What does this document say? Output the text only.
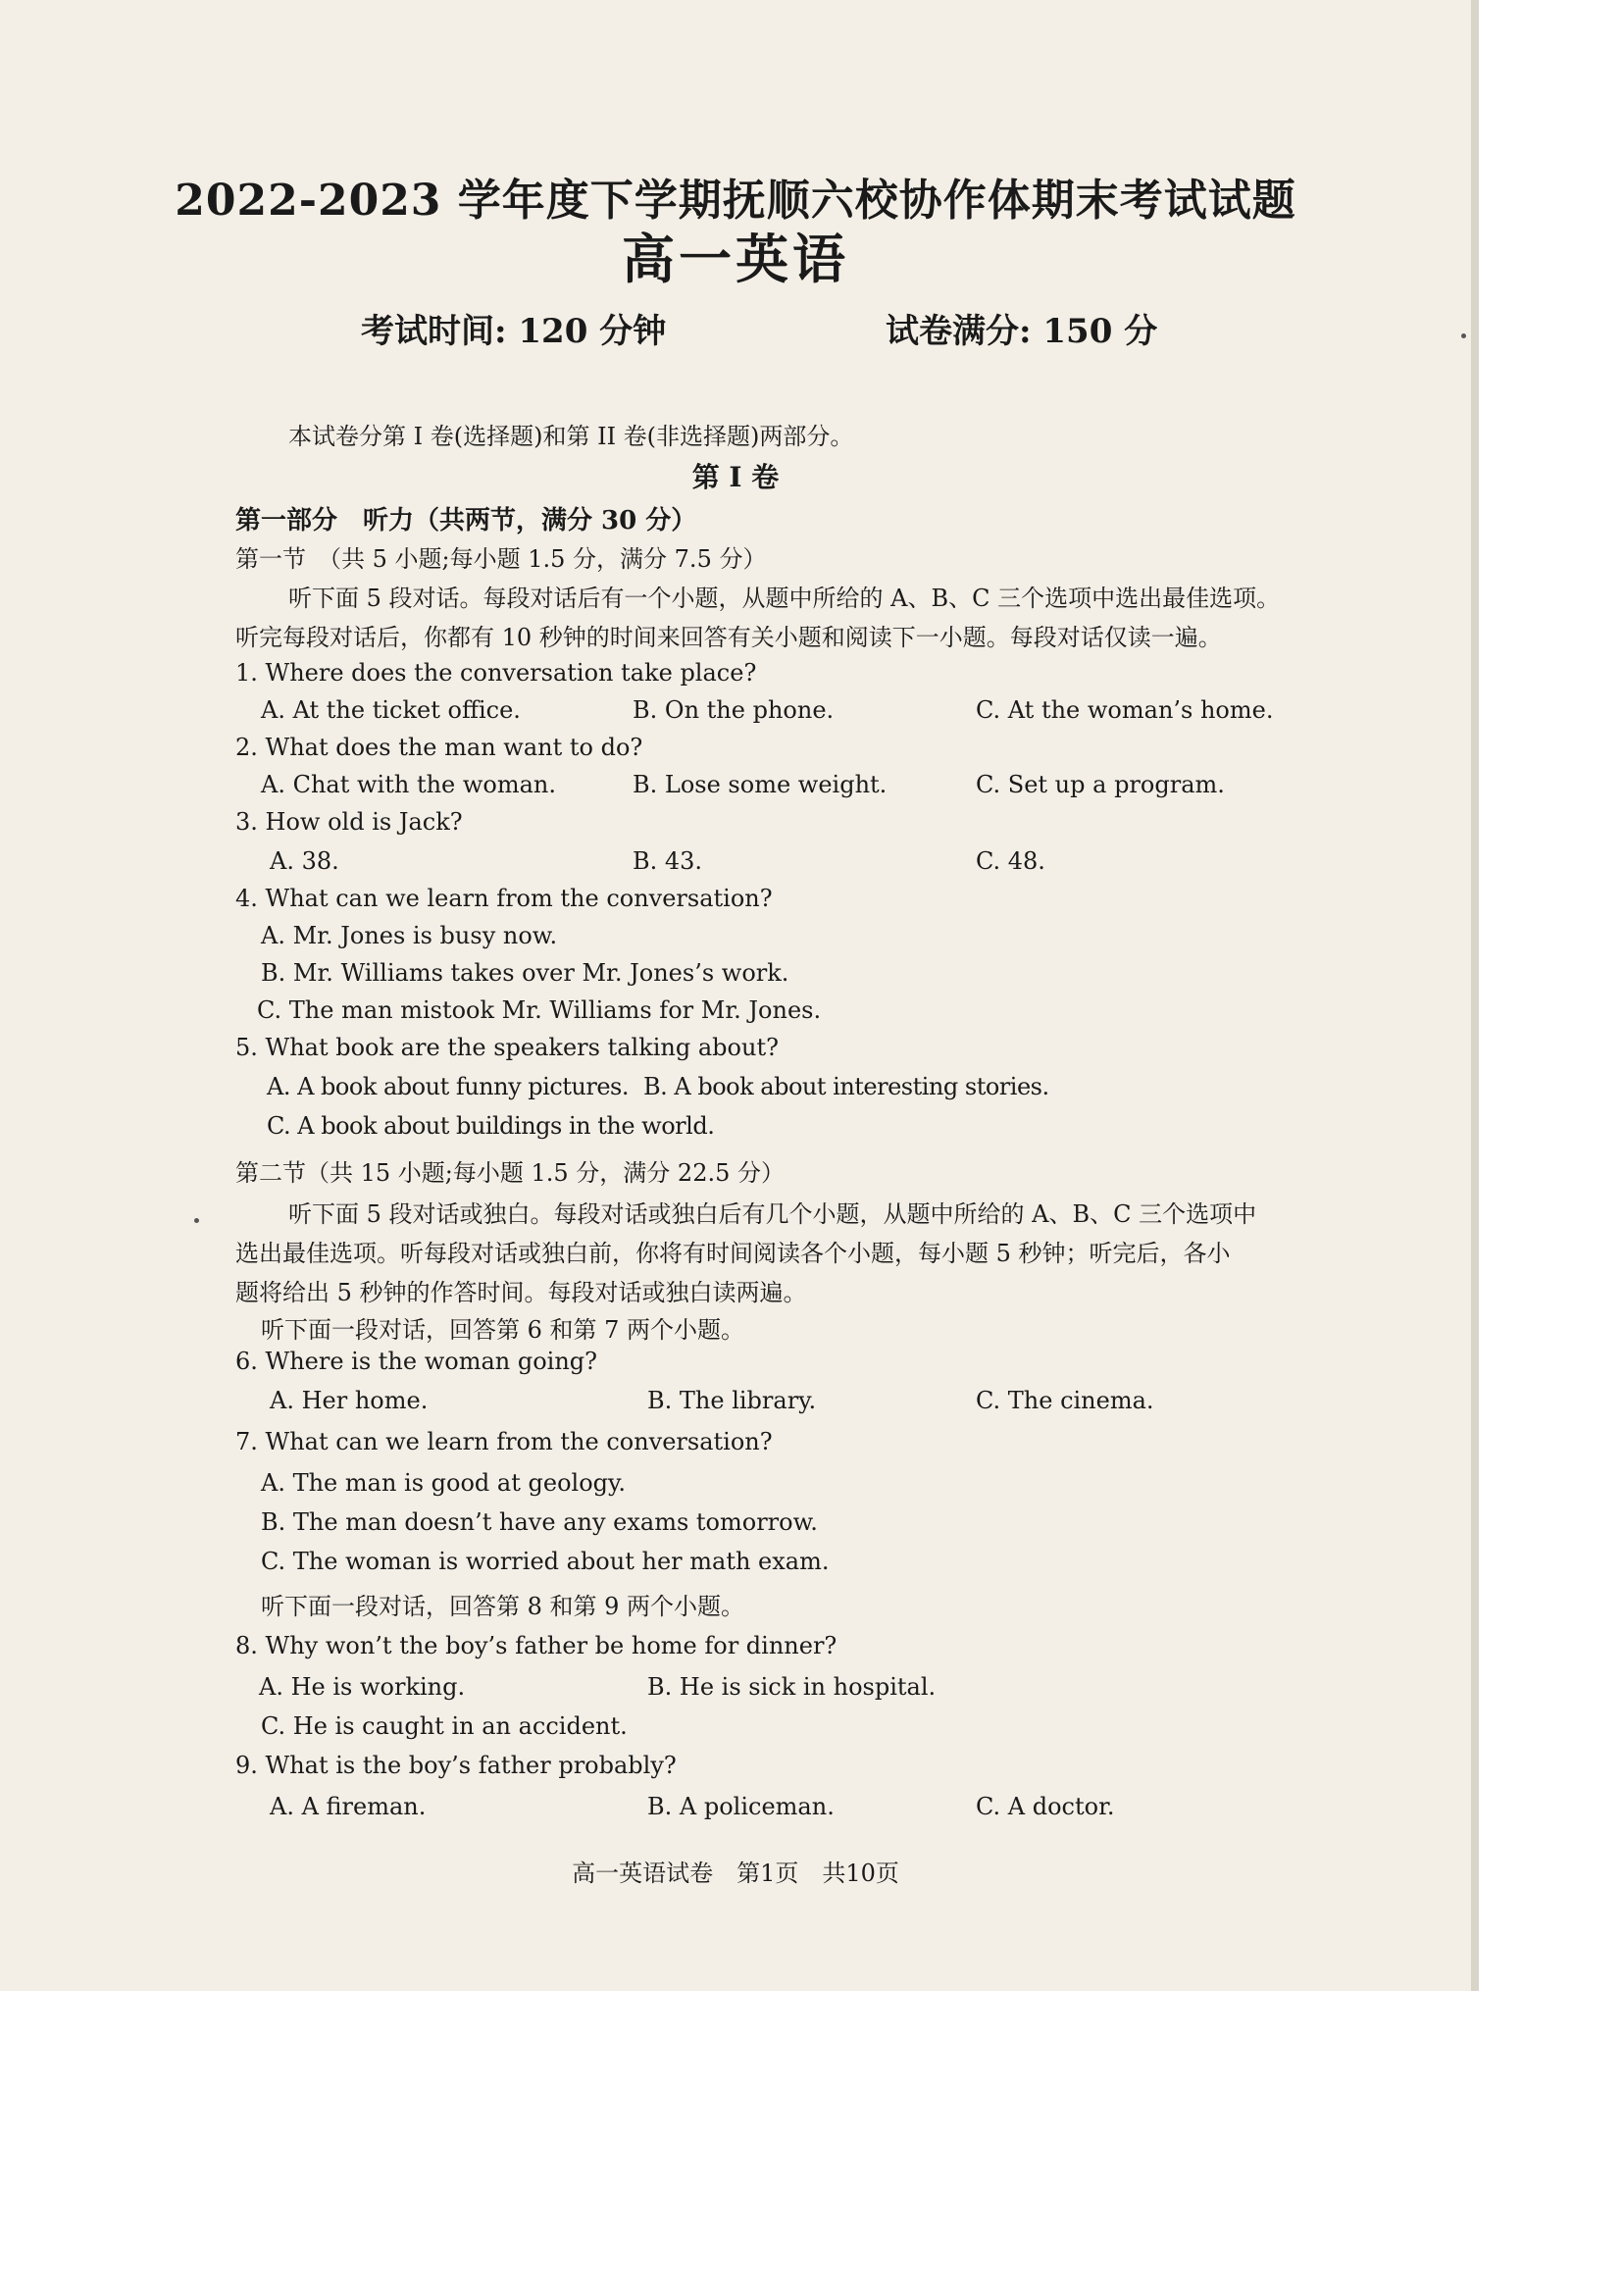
2022-2023 学年度下学期抚顺六校协作体期末考试试题
高一英语
考试时间: 120 分钟	试卷满分: 150 分
本试卷分第 I 卷(选择题)和第 II 卷(非选择题)两部分。
第 I 卷
第一部分　听力（共两节，满分 30 分）
第一节　（共 5 小题;每小题 1.5 分，满分 7.5 分）
听下面 5 段对话。每段对话后有一个小题，从题中所给的 A、B、C 三个选项中选出最佳选项。
听完每段对话后，你都有 10 秒钟的时间来回答有关小题和阅读下一小题。每段对话仅读一遍。
1. Where does the conversation take place?
A. At the ticket office.	B. On the phone.	C. At the woman’s home.
2. What does the man want to do?
A. Chat with the woman.	B. Lose some weight.	C. Set up a program.
3. How old is Jack?
A. 38.	B. 43.	C. 48.
4. What can we learn from the conversation?
A. Mr. Jones is busy now.
B. Mr. Williams takes over Mr. Jones’s work.
C. The man mistook Mr. Williams for Mr. Jones.
5. What book are the speakers talking about?
A. A book about funny pictures. B. A book about interesting stories.
C. A book about buildings in the world.
第二节（共 15 小题;每小题 1.5 分，满分 22.5 分）
听下面 5 段对话或独白。每段对话或独白后有几个小题，从题中所给的 A、B、C 三个选项中
选出最佳选项。听每段对话或独白前，你将有时间阅读各个小题，每小题 5 秒钟；听完后，各小
题将给出 5 秒钟的作答时间。每段对话或独白读两遍。
听下面一段对话，回答第 6 和第 7 两个小题。
6. Where is the woman going?
A. Her home.	B. The library.	C. The cinema.
7. What can we learn from the conversation?
A. The man is good at geology.
B. The man doesn’t have any exams tomorrow.
C. The woman is worried about her math exam.
听下面一段对话，回答第 8 和第 9 两个小题。
8. Why won’t the boy’s father be home for dinner?
A. He is working.	B. He is sick in hospital.
C. He is caught in an accident.
9. What is the boy’s father probably?
A. A fireman.	B. A policeman.	C. A doctor.
高一英语试卷　第1页　共10页
